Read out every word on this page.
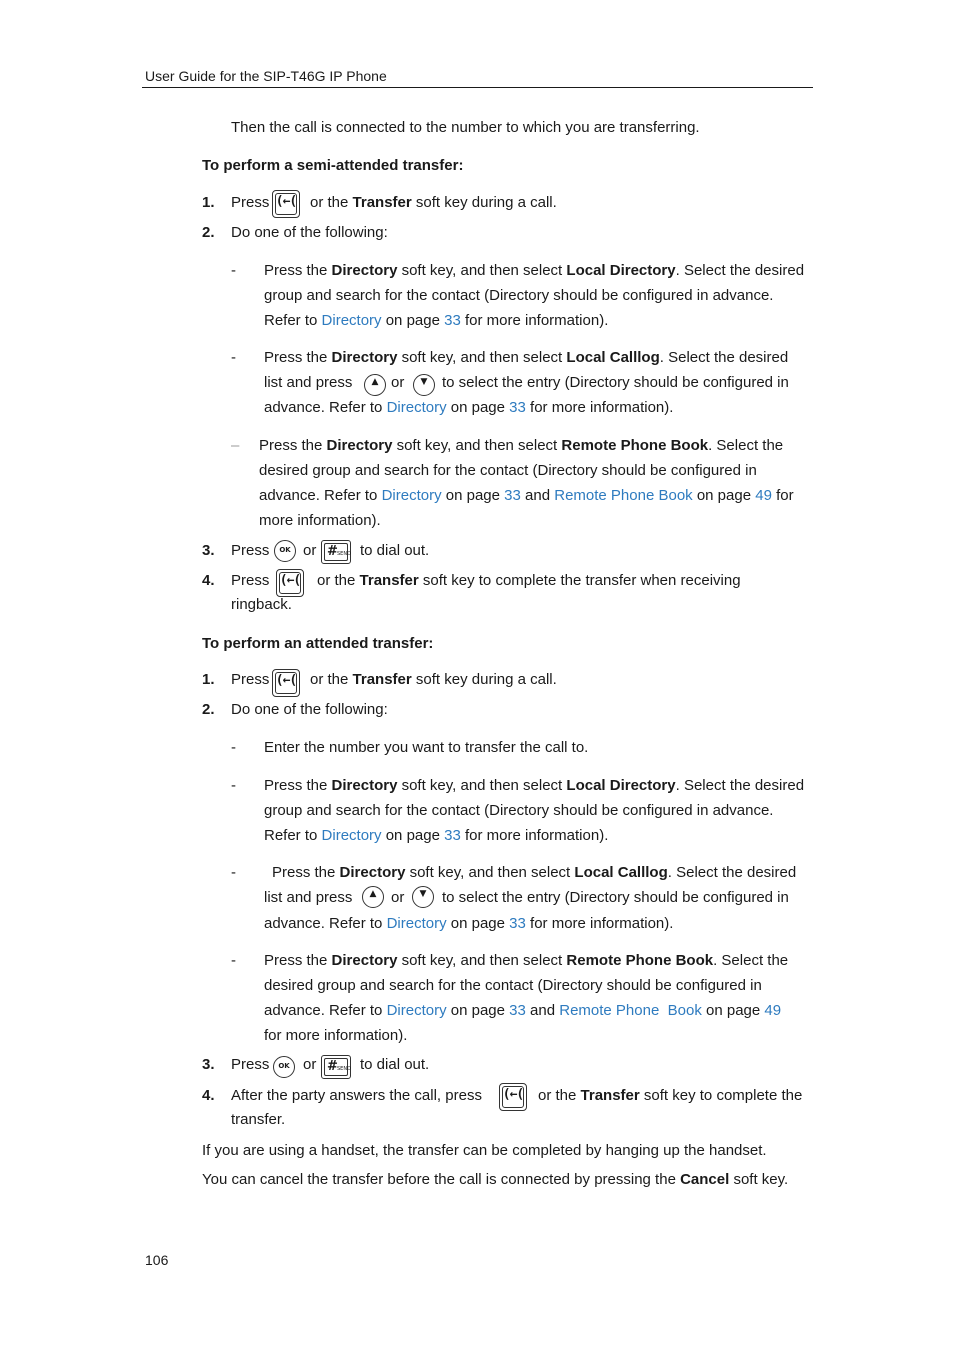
User Guide for the SIP-T46G IP Phone
Then the call is connected to the number to which you are transferring.
To perform a semi-attended transfer:
1. Press (←( or the Transfer soft key during a call.
2. Do one of the following:
- Press the Directory soft key, and then select Local Directory. Select the desired
group and search for the contact (Directory should be configured in advance.
Refer to Directory on page 33 for more information).
- Press the Directory soft key, and then select Local Calllog. Select the desired
list and press	▲ or	▼ to select the entry (Directory should be configured in
advance. Refer to Directory on page 33 for more information).
– Press the Directory soft key, and then select Remote Phone Book. Select the
desired group and search for the contact (Directory should be configured in
advance. Refer to Directory on page 33 and Remote Phone Book on page 49 for
more information).
3. Press	OK or # SEND to dial out.
4. Press (←( or the Transfer soft key to complete the transfer when receiving
ringback.
To perform an attended transfer:
1. Press (←( or the Transfer soft key during a call.
2. Do one of the following:
- Enter the number you want to transfer the call to.
- Press the Directory soft key, and then select Local Directory. Select the desired
group and search for the contact (Directory should be configured in advance.
Refer to Directory on page 33 for more information).
- Press the Directory soft key, and then select Local Calllog. Select the desired
list and press	▲ or	▼	to select the entry (Directory should be configured in
advance. Refer to Directory on page 33 for more information).
- Press the Directory soft key, and then select Remote Phone Book. Select the
desired group and search for the contact (Directory should be configured in
advance. Refer to Directory on page 33 and Remote Phone  Book on page 49
for more information).
3. Press	OK or # SEND to dial out.
4. After the party answers the call, press (←( or the Transfer soft key to complete the
transfer.
If you are using a handset, the transfer can be completed by hanging up the handset.
You can cancel the transfer before the call is connected by pressing the Cancel soft key.
106
